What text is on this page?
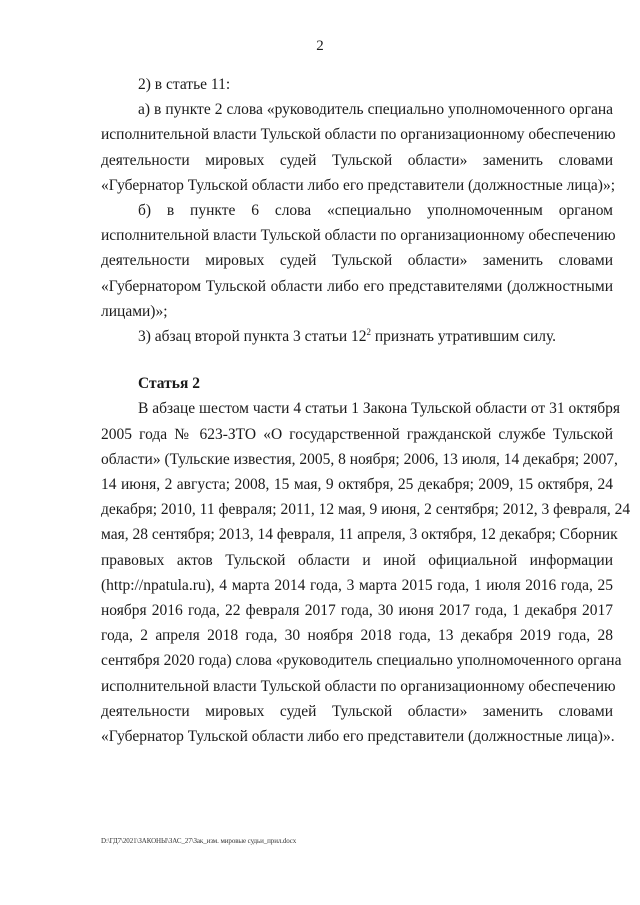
2
2) в статье 11:
а) в пункте 2 слова «руководитель специально уполномоченного органа
исполнительной власти Тульской области по организационному обеспечению
деятельности мировых судей Тульской области» заменить словами
«Губернатор Тульской области либо его представители (должностные лица)»;
б) в пункте 6 слова «специально уполномоченным органом
исполнительной власти Тульской области по организационному обеспечению
деятельности мировых судей Тульской области» заменить словами
«Губернатором Тульской области либо его представителями (должностными
лицами)»;
3) абзац второй пункта 3 статьи $12^2$ признать утратившим силу.
Статья 2
В абзаце шестом части 4 статьи 1 Закона Тульской области от 31 октября
2005 года № 623-ЗТО «О государственной гражданской службе Тульской
области» (Тульские известия, 2005, 8 ноября; 2006, 13 июля, 14 декабря; 2007,
14 июня, 2 августа; 2008, 15 мая, 9 октября, 25 декабря; 2009, 15 октября, 24
декабря; 2010, 11 февраля; 2011, 12 мая, 9 июня, 2 сентября; 2012, 3 февраля, 24
мая, 28 сентября; 2013, 14 февраля, 11 апреля, 3 октября, 12 декабря; Сборник
правовых актов Тульской области и иной официальной информации
(http://npatula.ru), 4 марта 2014 года, 3 марта 2015 года, 1 июля 2016 года, 25
ноября 2016 года, 22 февраля 2017 года, 30 июня 2017 года, 1 декабря 2017
года, 2 апреля 2018 года, 30 ноября 2018 года, 13 декабря 2019 года, 28
сентября 2020 года) слова «руководитель специально уполномоченного органа
исполнительной власти Тульской области по организационному обеспечению
деятельности мировых судей Тульской области» заменить словами
«Губернатор Тульской области либо его представители (должностные лица)».
D:\ГД7\2021\ЗАКОНЫ\ЗАС_27\Зак_изм. мировые судьи_прил.docx
